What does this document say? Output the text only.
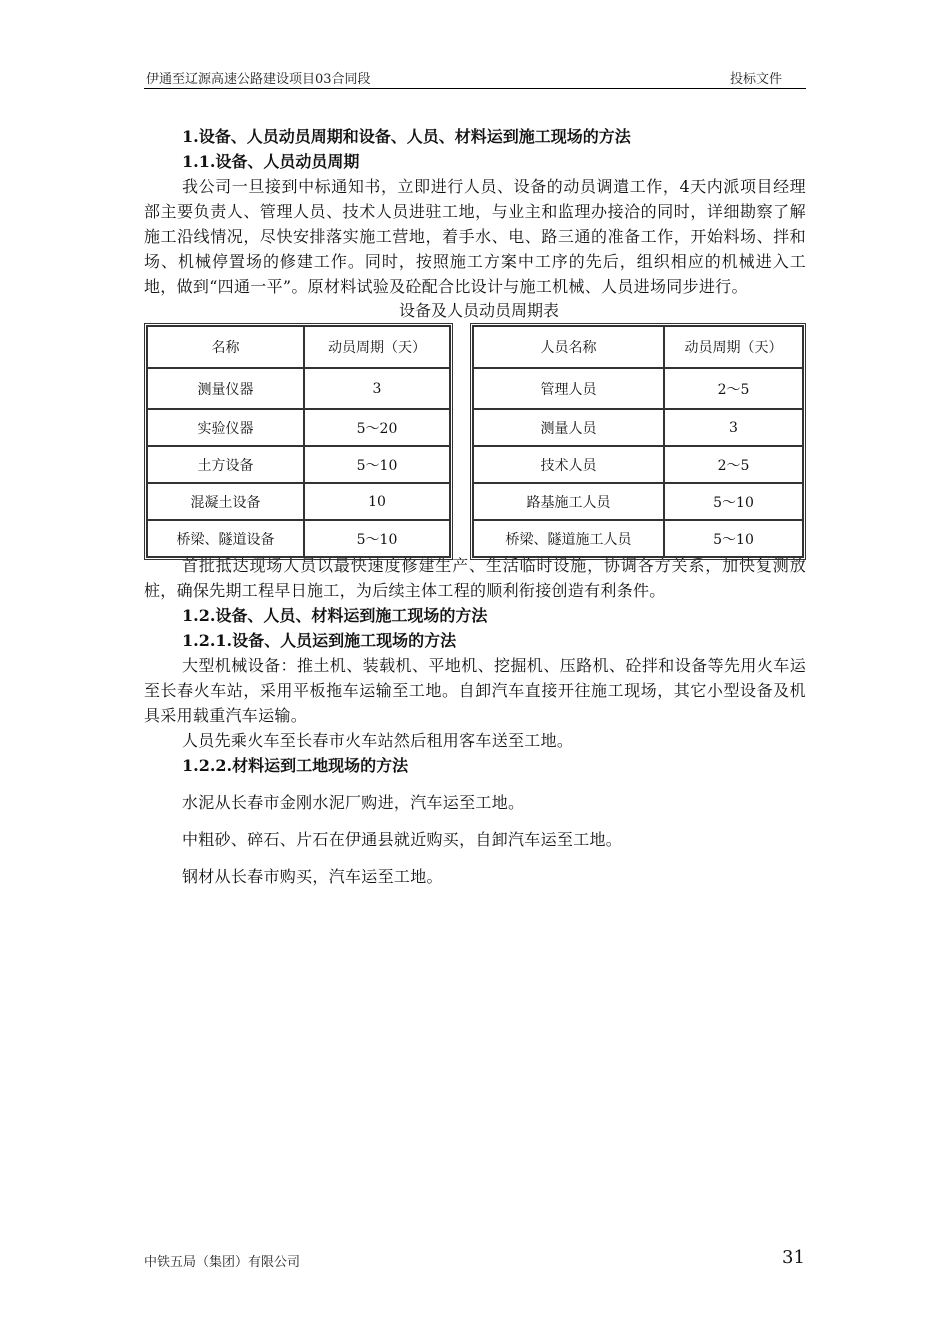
伊通至辽源高速公路建设项目03合同段	投标文件

1.设备、人员动员周期和设备、人员、材料运到施工现场的方法

1.1.设备、人员动员周期

我公司一旦接到中标通知书，立即进行人员、设备的动员调遣工作，4天内派项目经理部主要负责人、管理人员、技术人员进驻工地，与业主和监理办接洽的同时，详细勘察了解施工沿线情况，尽快安排落实施工营地，着手水、电、路三通的准备工作，开始料场、拌和场、机械停置场的修建工作。同时，按照施工方案中工序的先后，组织相应的机械进入工地，做到“四通一平”。原材料试验及砼配合比设计与施工机械、人员进场同步进行。

设备及人员动员周期表

名称	动员周期（天）
测量仪器	3
实验仪器	5～20
土方设备	5～10
混凝土设备	10
桥梁、隧道设备	5～10
人员名称	动员周期（天）
管理人员	2～5
测量人员	3
技术人员	2～5
路基施工人员	5～10
桥梁、隧道施工人员	5～10

首批抵达现场人员以最快速度修建生产、生活临时设施，协调各方关系，加快复测放桩，确保先期工程早日施工，为后续主体工程的顺利衔接创造有利条件。

1.2.设备、人员、材料运到施工现场的方法

1.2.1.设备、人员运到施工现场的方法

大型机械设备：推土机、装载机、平地机、挖掘机、压路机、砼拌和设备等先用火车运至长春火车站，采用平板拖车运输至工地。自卸汽车直接开往施工现场，其它小型设备及机具采用载重汽车运输。

人员先乘火车至长春市火车站然后租用客车送至工地。

1.2.2.材料运到工地现场的方法

水泥从长春市金刚水泥厂购进，汽车运至工地。

中粗砂、碎石、片石在伊通县就近购买，自卸汽车运至工地。

钢材从长春市购买，汽车运至工地。

中铁五局（集团）有限公司	31
